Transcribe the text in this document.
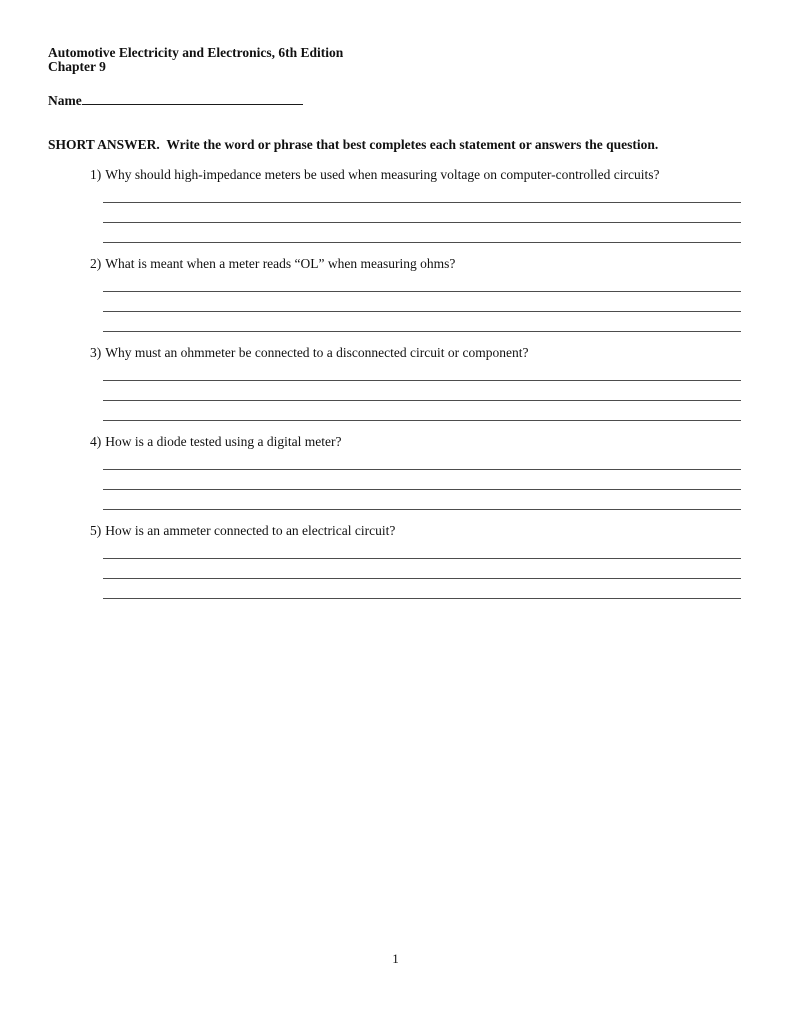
Automotive Electricity and Electronics, 6th Edition

Chapter 9

Name

SHORT ANSWER.  Write the word or phrase that best completes each statement or answers the question.

1) Why should high-impedance meters be used when measuring voltage on computer-controlled circuits?

2) What is meant when a meter reads “OL” when measuring ohms?

3) Why must an ohmmeter be connected to a disconnected circuit or component?

4) How is a diode tested using a digital meter?

5) How is an ammeter connected to an electrical circuit?

1
